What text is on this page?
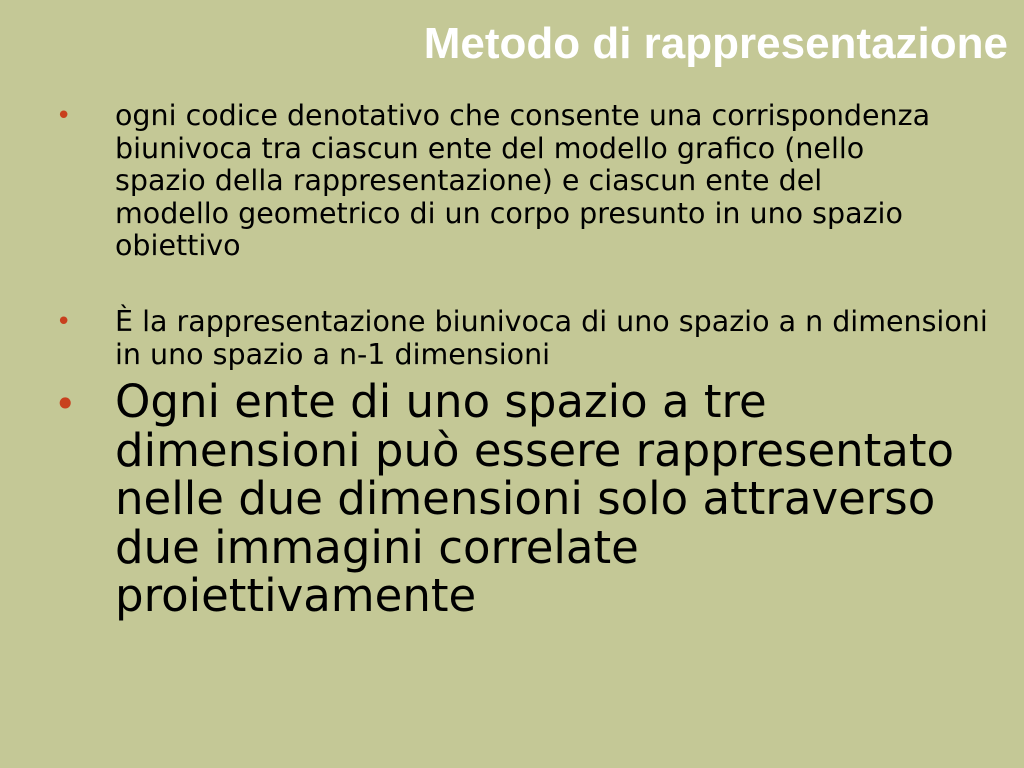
Metodo di rappresentazione
• ogni codice denotativo che consente una corrispondenza biunivoca tra ciascun ente del modello grafico (nello spazio della rappresentazione) e ciascun ente del modello geometrico di un corpo presunto in uno spazio obiettivo

• È la rappresentazione biunivoca di uno spazio a n dimensioni in uno spazio a n-1 dimensioni

• Ogni ente di uno spazio a tre dimensioni può essere rappresentato nelle due dimensioni solo attraverso due immagini correlate proiettivamente
